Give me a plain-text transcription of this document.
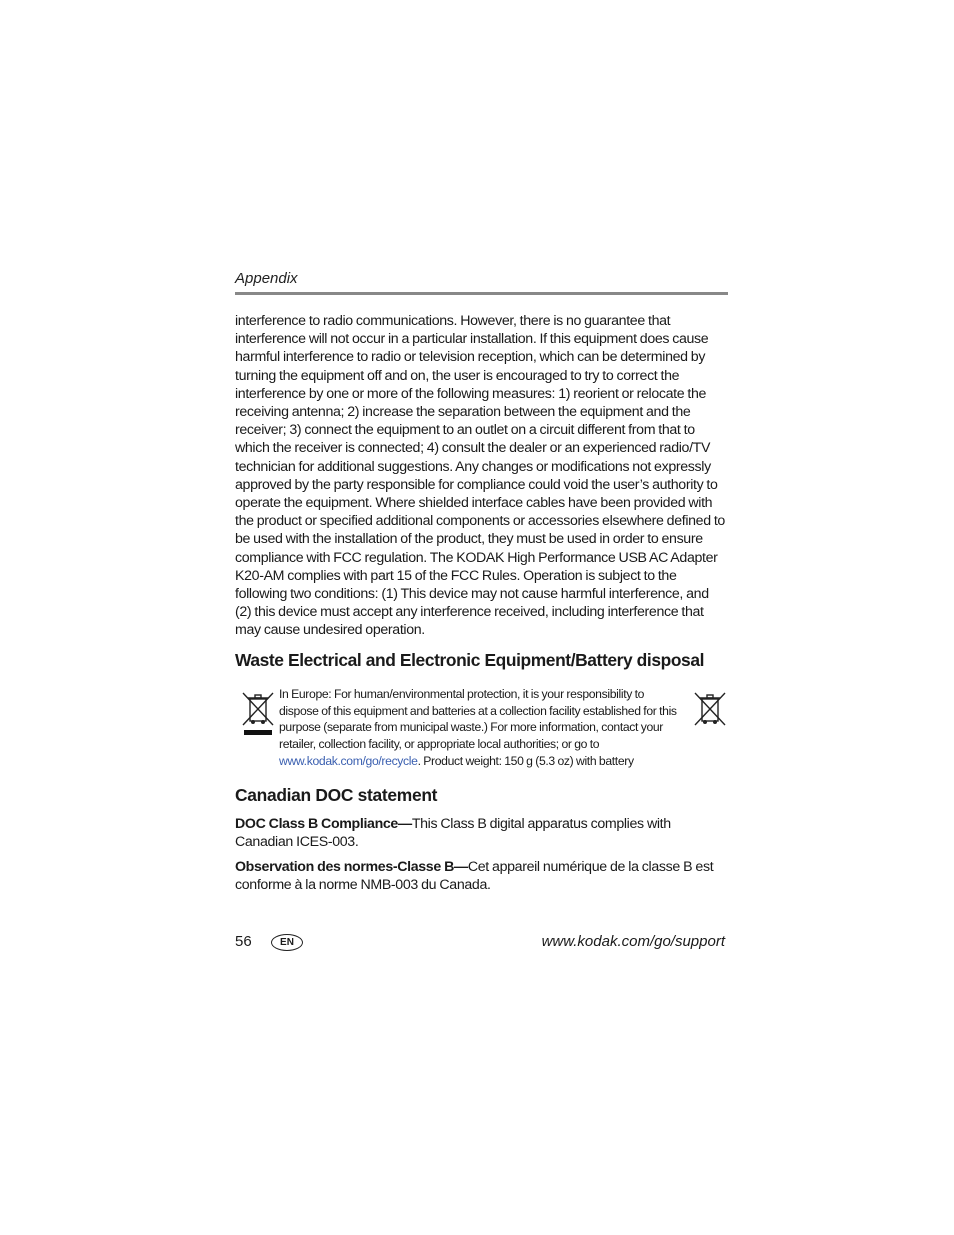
Appendix

interference to radio communications. However, there is no guarantee that interference will not occur in a particular installation. If this equipment does cause harmful interference to radio or television reception, which can be determined by turning the equipment off and on, the user is encouraged to try to correct the interference by one or more of the following measures: 1) reorient or relocate the receiving antenna; 2) increase the separation between the equipment and the receiver; 3) connect the equipment to an outlet on a circuit different from that to which the receiver is connected; 4) consult the dealer or an experienced radio/TV technician for additional suggestions. Any changes or modifications not expressly approved by the party responsible for compliance could void the user’s authority to operate the equipment. Where shielded interface cables have been provided with the product or specified additional components or accessories elsewhere defined to be used with the installation of the product, they must be used in order to ensure compliance with FCC regulation. The KODAK High Performance USB AC Adapter K20-AM complies with part 15 of the FCC Rules. Operation is subject to the following two conditions: (1) This device may not cause harmful interference, and (2) this device must accept any interference received, including interference that may cause undesired operation.

Waste Electrical and Electronic Equipment/Battery disposal

In Europe: For human/environmental protection, it is your responsibility to dispose of this equipment and batteries at a collection facility established for this purpose (separate from municipal waste.) For more information, contact your retailer, collection facility, or appropriate local authorities; or go to www.kodak.com/go/recycle. Product weight: 150 g (5.3 oz) with battery

Canadian DOC statement

DOC Class B Compliance—This Class B digital apparatus complies with Canadian ICES-003.

Observation des normes-Classe B—Cet appareil numérique de la classe B est conforme à la norme NMB-003 du Canada.

56	EN	www.kodak.com/go/support
